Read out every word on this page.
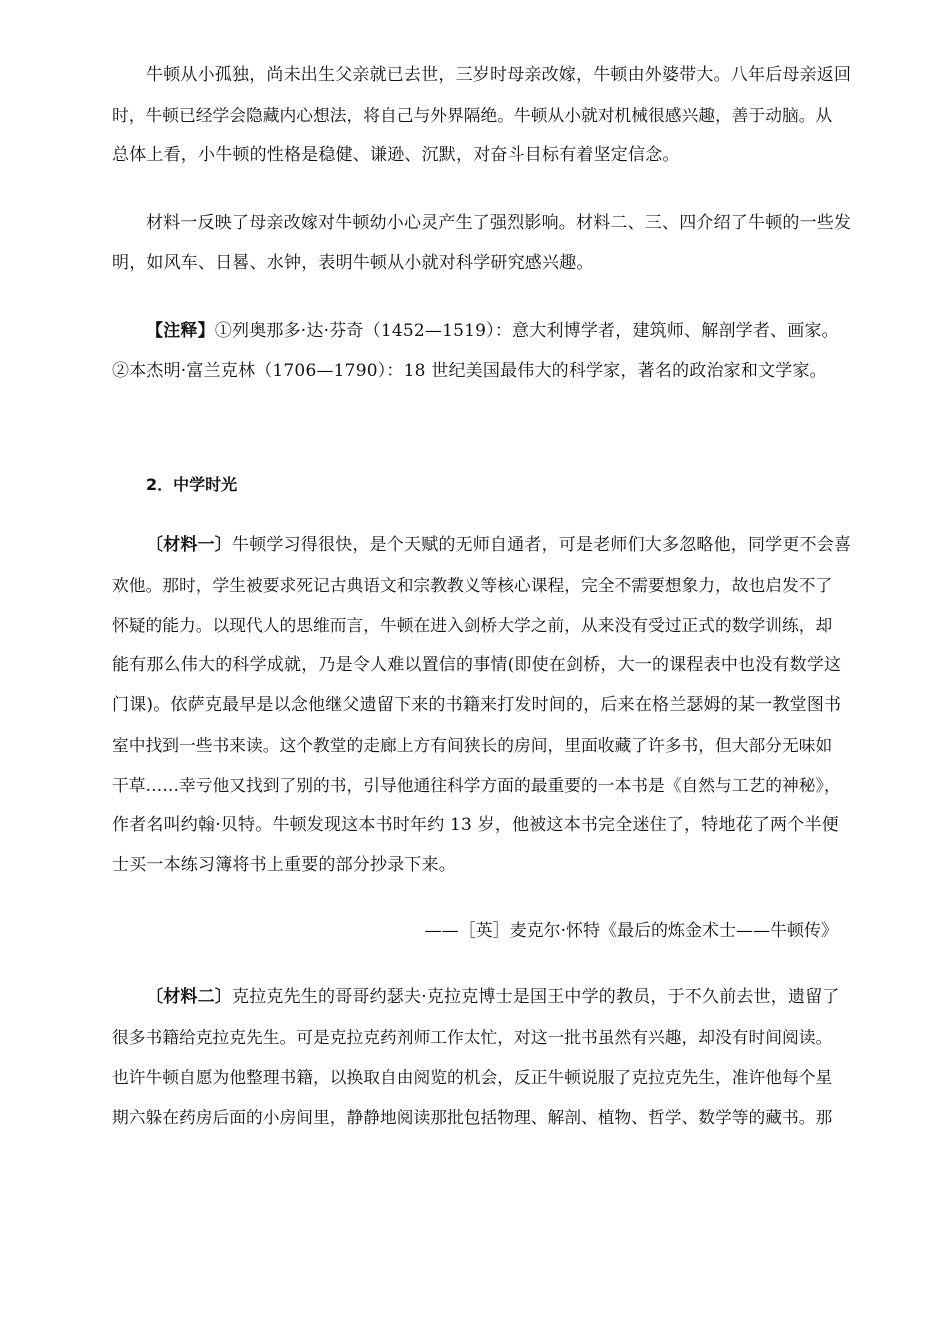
牛顿从小孤独，尚未出生父亲就已去世，三岁时母亲改嫁，牛顿由外婆带大。八年后母亲返回
时，牛顿已经学会隐藏内心想法，将自己与外界隔绝。牛顿从小就对机械很感兴趣，善于动脑。从
总体上看，小牛顿的性格是稳健、谦逊、沉默，对奋斗目标有着坚定信念。
材料一反映了母亲改嫁对牛顿幼小心灵产生了强烈影响。材料二、三、四介绍了牛顿的一些发
明，如风车、日晷、水钟，表明牛顿从小就对科学研究感兴趣。
【注释】①列奥那多·达·芬奇（1452—1519）：意大利博学者，建筑师、解剖学者、画家。
②本杰明·富兰克林（1706—1790）：18 世纪美国最伟大的科学家，著名的政治家和文学家。
2．中学时光
〔材料一〕牛顿学习得很快，是个天赋的无师自通者，可是老师们大多忽略他，同学更不会喜
欢他。那时，学生被要求死记古典语文和宗教教义等核心课程，完全不需要想象力，故也启发不了
怀疑的能力。以现代人的思维而言，牛顿在进入剑桥大学之前，从来没有受过正式的数学训练，却
能有那么伟大的科学成就，乃是令人难以置信的事情(即使在剑桥，大一的课程表中也没有数学这
门课)。依萨克最早是以念他继父遗留下来的书籍来打发时间的，后来在格兰瑟姆的某一教堂图书
室中找到一些书来读。这个教堂的走廊上方有间狭长的房间，里面收藏了许多书，但大部分无味如
干草……幸亏他又找到了别的书，引导他通往科学方面的最重要的一本书是《自然与工艺的神秘》，
作者名叫约翰·贝特。牛顿发现这本书时年约 13 岁，他被这本书完全迷住了，特地花了两个半便
士买一本练习簿将书上重要的部分抄录下来。
——［英］麦克尔·怀特《最后的炼金术士——牛顿传》
〔材料二〕克拉克先生的哥哥约瑟夫·克拉克博士是国王中学的教员，于不久前去世，遗留了
很多书籍给克拉克先生。可是克拉克药剂师工作太忙，对这一批书虽然有兴趣，却没有时间阅读。
也许牛顿自愿为他整理书籍，以换取自由阅览的机会，反正牛顿说服了克拉克先生，准许他每个星
期六躲在药房后面的小房间里，静静地阅读那批包括物理、解剖、植物、哲学、数学等的藏书。那
